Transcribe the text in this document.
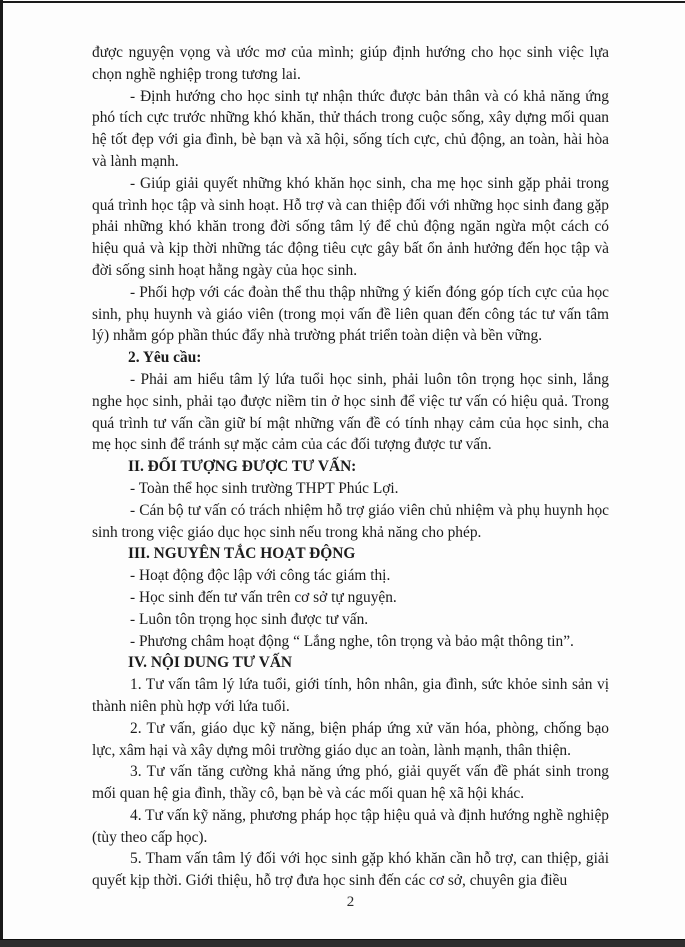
được nguyện vọng và ước mơ của mình; giúp định hướng cho học sinh việc lựa chọn nghề nghiệp trong tương lai.

- Định hướng cho học sinh tự nhận thức được bản thân và có khả năng ứng phó tích cực trước những khó khăn, thử thách trong cuộc sống, xây dựng mối quan hệ tốt đẹp với gia đình, bè bạn và xã hội, sống tích cực, chủ động, an toàn, hài hòa và lành mạnh.

- Giúp giải quyết những khó khăn học sinh, cha mẹ học sinh gặp phải trong quá trình học tập và sinh hoạt. Hỗ trợ và can thiệp đối với những học sinh đang gặp phải những khó khăn trong đời sống tâm lý để chủ động ngăn ngừa một cách có hiệu quả và kịp thời những tác động tiêu cực gây bất ổn ảnh hưởng đến học tập và đời sống sinh hoạt hằng ngày của học sinh.

- Phối hợp với các đoàn thể thu thập những ý kiến đóng góp tích cực của học sinh, phụ huynh và giáo viên (trong mọi vấn đề liên quan đến công tác tư vấn tâm lý) nhằm góp phần thúc đẩy nhà trường phát triển toàn diện và bền vững.

2. Yêu cầu:

- Phải am hiểu tâm lý lứa tuổi học sinh, phải luôn tôn trọng học sinh, lắng nghe học sinh, phải tạo được niềm tin ở học sinh để việc tư vấn có hiệu quả. Trong quá trình tư vấn cần giữ bí mật những vấn đề có tính nhạy cảm của học sinh, cha mẹ học sinh để tránh sự mặc cảm của các đối tượng được tư vấn.

II. ĐỐI TƯỢNG ĐƯỢC TƯ VẤN:

- Toàn thể học sinh trường THPT Phúc Lợi.

- Cán bộ tư vấn có trách nhiệm hỗ trợ giáo viên chủ nhiệm và phụ huynh học sinh trong việc giáo dục học sinh nếu trong khả năng cho phép.

III. NGUYÊN TẮC HOẠT ĐỘNG

- Hoạt động độc lập với công tác giám thị.

- Học sinh đến tư vấn trên cơ sở tự nguyện.

- Luôn tôn trọng học sinh được tư vấn.

- Phương châm hoạt động “ Lắng nghe, tôn trọng và bảo mật thông tin”.

IV. NỘI DUNG TƯ VẤN

1. Tư vấn tâm lý lứa tuổi, giới tính, hôn nhân, gia đình, sức khỏe sinh sản vị thành niên phù hợp với lứa tuổi.

2. Tư vấn, giáo dục kỹ năng, biện pháp ứng xử văn hóa, phòng, chống bạo lực, xâm hại và xây dựng môi trường giáo dục an toàn, lành mạnh, thân thiện.

3. Tư vấn tăng cường khả năng ứng phó, giải quyết vấn đề phát sinh trong mối quan hệ gia đình, thầy cô, bạn bè và các mối quan hệ xã hội khác.

4. Tư vấn kỹ năng, phương pháp học tập hiệu quả và định hướng nghề nghiệp (tùy theo cấp học).

5. Tham vấn tâm lý đối với học sinh gặp khó khăn cần hỗ trợ, can thiệp, giải quyết kịp thời. Giới thiệu, hỗ trợ đưa học sinh đến các cơ sở, chuyên gia điều

2
